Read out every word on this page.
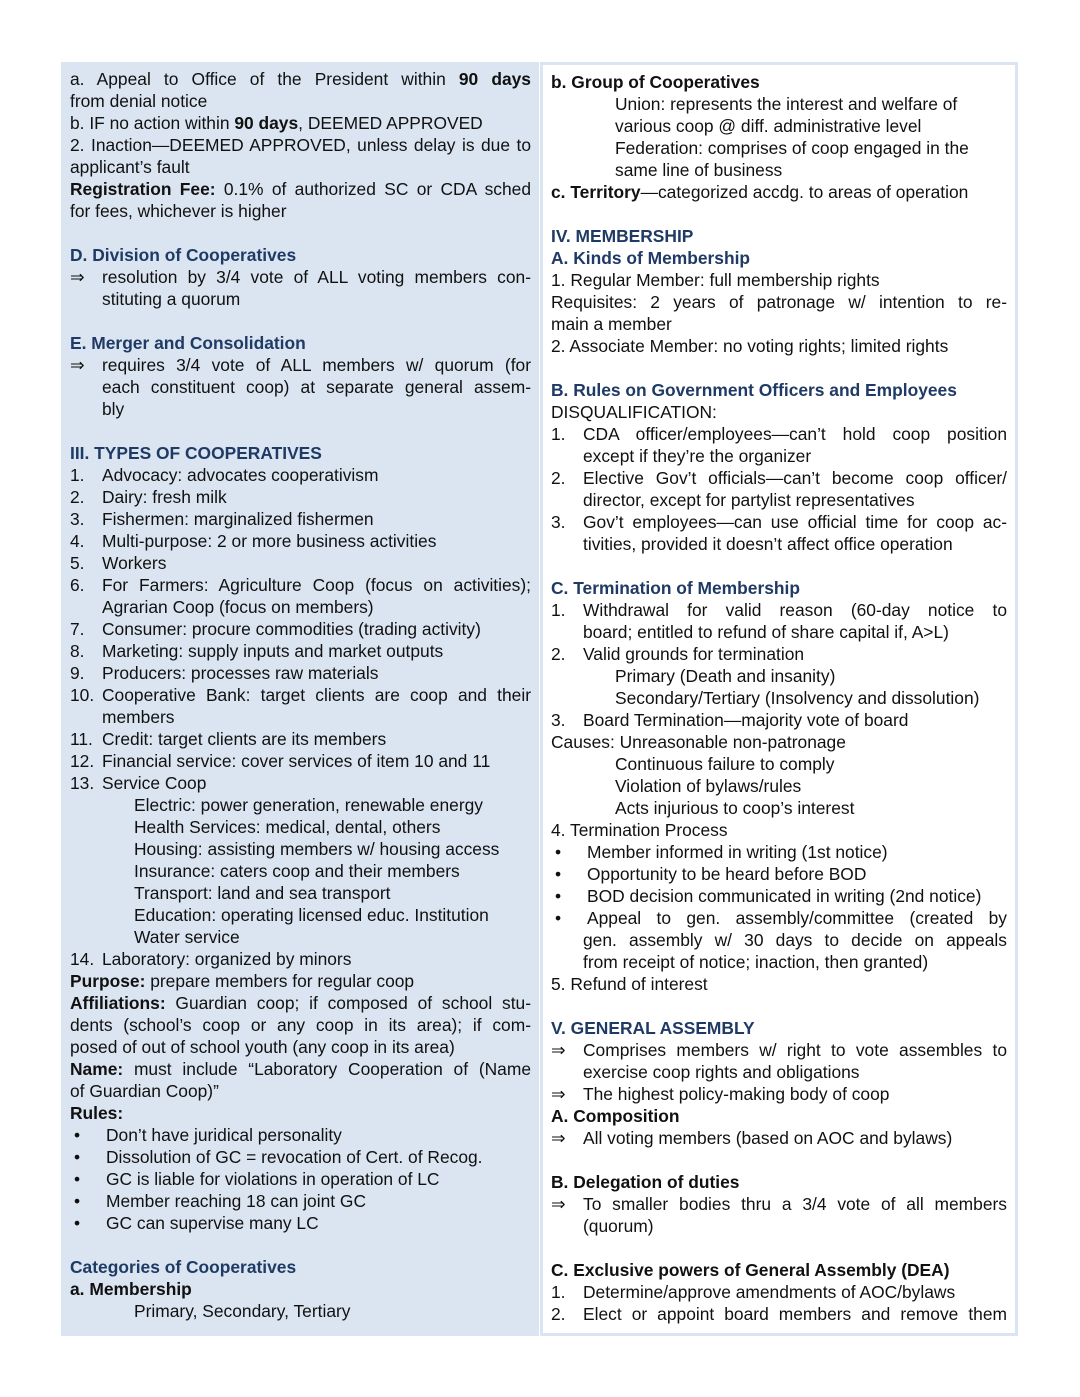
a. Appeal to Office of the President within 90 days
from denial notice
b. IF no action within 90 days, DEEMED APPROVED
2. Inaction—DEEMED APPROVED, unless delay is due to
applicant’s fault
Registration Fee: 0.1% of authorized SC or CDA sched
for fees, whichever is higher
D. Division of Cooperatives
⇒	resolution by 3/4 vote of ALL voting members con-
stituting a quorum
E. Merger and Consolidation
⇒	requires 3/4 vote of ALL members w/ quorum (for
each constituent coop) at separate general assem-
bly
III. TYPES OF COOPERATIVES
1.	Advocacy: advocates cooperativism
2.	Dairy: fresh milk
3.	Fishermen: marginalized fishermen
4.	Multi-purpose: 2 or more business activities
5.	Workers
6.	For Farmers: Agriculture Coop (focus on activities);
Agrarian Coop (focus on members)
7.	Consumer: procure commodities (trading activity)
8.	Marketing: supply inputs and market outputs
9.	Producers: processes raw materials
10. Cooperative Bank: target clients are coop and their
members
11. Credit: target clients are its members
12. Financial service: cover services of item 10 and 11
13. Service Coop
Electric: power generation, renewable energy
Health Services: medical, dental, others
Housing: assisting members w/ housing access
Insurance: caters coop and their members
Transport: land and sea transport
Education: operating licensed educ. Institution
Water service
14. Laboratory: organized by minors
Purpose: prepare members for regular coop
Affiliations: Guardian coop; if composed of school stu-
dents (school’s coop or any coop in its area); if com-
posed of out of school youth (any coop in its area)
Name: must include “Laboratory Cooperation of (Name
of Guardian Coop)”
Rules:
•	Don’t have juridical personality
•	Dissolution of GC = revocation of Cert. of Recog.
•	GC is liable for violations in operation of LC
•	Member reaching 18 can joint GC
•	GC can supervise many LC
Categories of Cooperatives
a. Membership
Primary, Secondary, Tertiary
b. Group of Cooperatives
Union: represents the interest and welfare of
various coop @ diff. administrative level
Federation: comprises of coop engaged in the
same line of business
c. Territory—categorized accdg. to areas of operation
IV. MEMBERSHIP
A. Kinds of Membership
1. Regular Member: full membership rights
Requisites: 2 years of patronage w/ intention to re-
main a member
2. Associate Member: no voting rights; limited rights
B. Rules on Government Officers and Employees
DISQUALIFICATION:
1.	CDA officer/employees—can’t hold coop position
except if they’re the organizer
2.	Elective Gov’t officials—can’t become coop officer/
director, except for partylist representatives
3.	Gov’t employees—can use official time for coop ac-
tivities, provided it doesn’t affect office operation
C. Termination of Membership
1.	Withdrawal for valid reason (60-day notice to
board; entitled to refund of share capital if, A>L)
2.	Valid grounds for termination
Primary (Death and insanity)
Secondary/Tertiary (Insolvency and dissolution)
3.	Board Termination—majority vote of board
Causes: Unreasonable non-patronage
Continuous failure to comply
Violation of bylaws/rules
Acts injurious to coop’s interest
4. Termination Process
•	Member informed in writing (1st notice)
•	Opportunity to be heard before BOD
•	BOD decision communicated in writing (2nd notice)
•	Appeal to gen. assembly/committee (created by
gen. assembly w/ 30 days to decide on appeals
from receipt of notice; inaction, then granted)
5. Refund of interest
V. GENERAL ASSEMBLY
⇒	Comprises members w/ right to vote assembles to
exercise coop rights and obligations
⇒	The highest policy-making body of coop
A. Composition
⇒	All voting members (based on AOC and bylaws)
B. Delegation of duties
⇒	To smaller bodies thru a 3/4 vote of all members
(quorum)
C. Exclusive powers of General Assembly (DEA)
1.	Determine/approve amendments of AOC/bylaws
2.	Elect or appoint board members and remove them
